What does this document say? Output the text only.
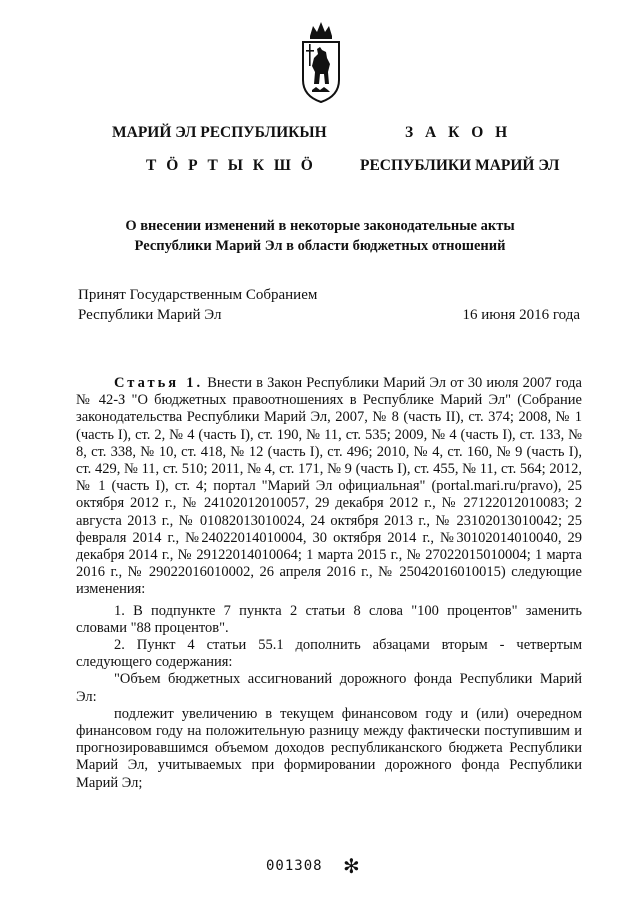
МАРИЙ ЭЛ РЕСПУБЛИКЫН
Т Ӧ Р Т Ы К Ш Ӧ
З А К О Н
РЕСПУБЛИКИ МАРИЙ ЭЛ
О внесении изменений в некоторые законодательные акты
Республики Марий Эл в области бюджетных отношений
Принят Государственным Собранием
Республики Марий Эл	16 июня 2016 года

Статья 1. Внести в Закон Республики Марий Эл от 30 июля 2007 года № 42-З "О бюджетных правоотношениях в Республике Марий Эл" (Собрание законодательства Республики Марий Эл, 2007, № 8 (часть II), ст. 374; 2008, № 1 (часть I), ст. 2, № 4 (часть I), ст. 190, № 11, ст. 535; 2009, № 4 (часть I), ст. 133, № 8, ст. 338, № 10, ст. 418, № 12 (часть I), ст. 496; 2010, № 4, ст. 160, № 9 (часть I), ст. 429, № 11, ст. 510; 2011, № 4, ст. 171, № 9 (часть I), ст. 455, № 11, ст. 564; 2012, № 1 (часть I), ст. 4; портал "Марий Эл официальная" (portal.mari.ru/pravo), 25 октября 2012 г., № 24102012010057, 29 декабря 2012 г., № 27122012010083; 2 августа 2013 г., № 01082013010024, 24 октября 2013 г., № 23102013010042; 25 февраля 2014 г., №24022014010004, 30 октября 2014 г., №30102014010040, 29 декабря 2014 г., № 29122014010064; 1 марта 2015 г., № 27022015010004; 1 марта 2016 г., № 29022016010002, 26 апреля 2016 г., № 25042016010015) следующие изменения:

1. В подпункте 7 пункта 2 статьи 8 слова "100 процентов" заменить словами "88 процентов".

2. Пункт 4 статьи 55.1 дополнить абзацами вторым - четвертым следующего содержания:

"Объем бюджетных ассигнований дорожного фонда Республики Марий Эл:

подлежит увеличению в текущем финансовом году и (или) очередном финансовом году на положительную разницу между фактически поступившим и прогнозировавшимся объемом доходов республиканского бюджета Республики Марий Эл, учитываемых при формировании дорожного фонда Республики Марий Эл;

001308 ✻
